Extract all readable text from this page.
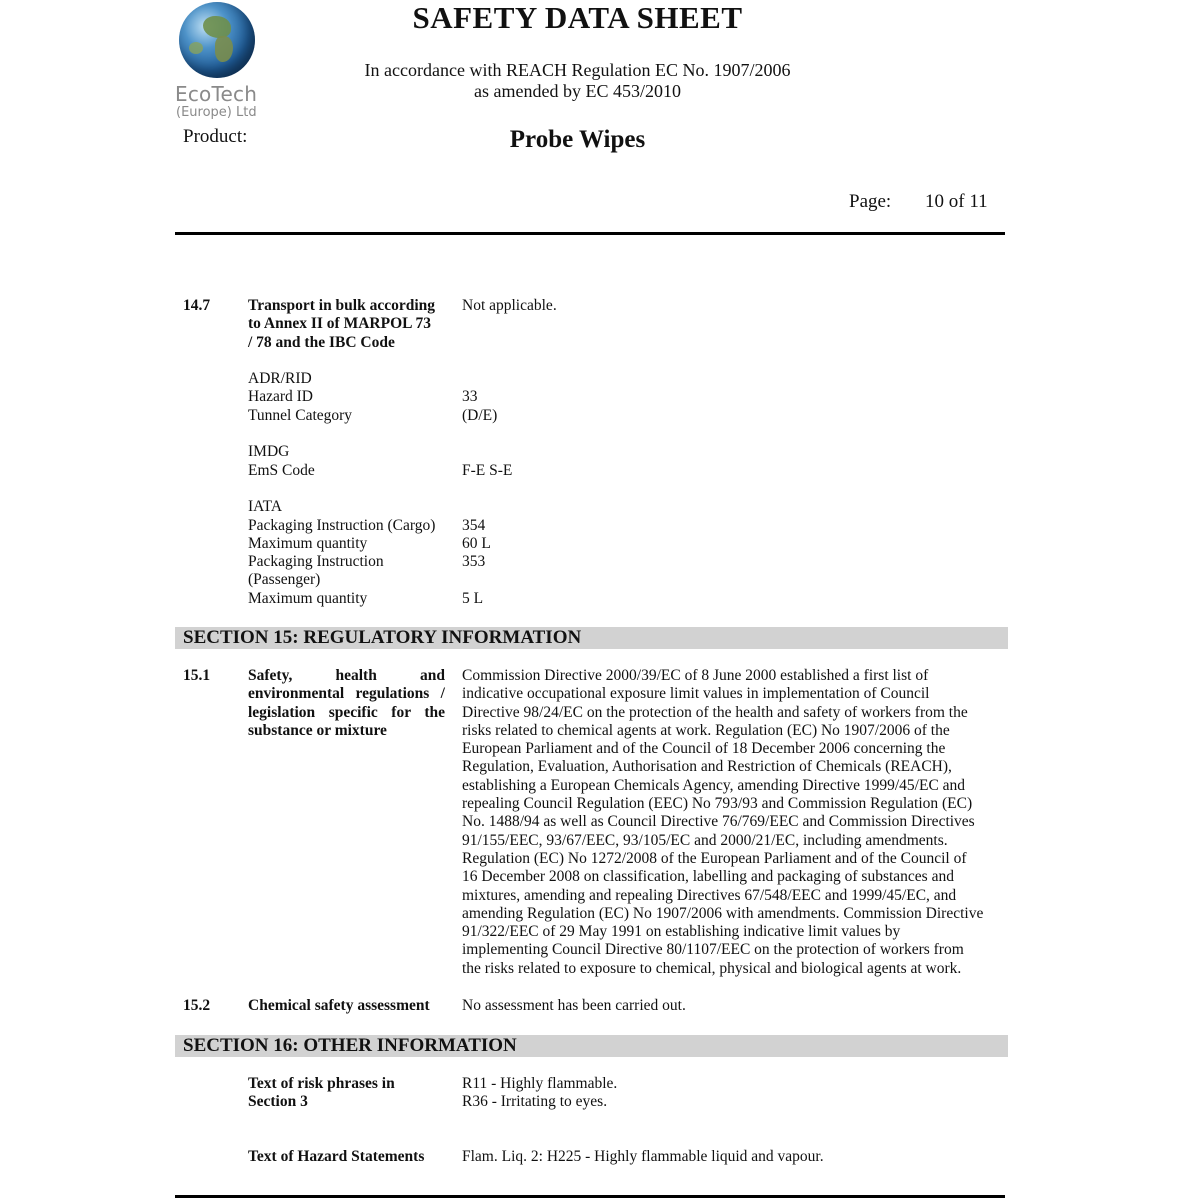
EcoTech
(Europe) Ltd
SAFETY DATA SHEET
In accordance with REACH Regulation EC No. 1907/2006
as amended by EC 453/2010
Product:	Probe Wipes
Page: 10 of 11
14.7 Transport in bulk according
to Annex II of MARPOL 73
/ 78 and the IBC Code
Not applicable.
ADR/RID
Hazard ID	33
Tunnel Category	(D/E)
IMDG
EmS Code	F-E S-E
IATA
Packaging Instruction (Cargo) 354
Maximum quantity	60 L
Packaging Instruction	353
(Passenger)
Maximum quantity	5 L
SECTION 15: REGULATORY INFORMATION
15.1 Safety, health and
environmental regulations /
legislation specific for the
substance or mixture
Commission Directive 2000/39/EC of 8 June 2000 established a first list of
indicative occupational exposure limit values in implementation of Council
Directive 98/24/EC on the protection of the health and safety of workers from the
risks related to chemical agents at work. Regulation (EC) No 1907/2006 of the
European Parliament and of the Council of 18 December 2006 concerning the
Regulation, Evaluation, Authorisation and Restriction of Chemicals (REACH),
establishing a European Chemicals Agency, amending Directive 1999/45/EC and
repealing Council Regulation (EEC) No 793/93 and Commission Regulation (EC)
No. 1488/94 as well as Council Directive 76/769/EEC and Commission Directives
91/155/EEC, 93/67/EEC, 93/105/EC and 2000/21/EC, including amendments.
Regulation (EC) No 1272/2008 of the European Parliament and of the Council of
16 December 2008 on classification, labelling and packaging of substances and
mixtures, amending and repealing Directives 67/548/EEC and 1999/45/EC, and
amending Regulation (EC) No 1907/2006 with amendments. Commission Directive
91/322/EEC of 29 May 1991 on establishing indicative limit values by
implementing Council Directive 80/1107/EEC on the protection of workers from
the risks related to exposure to chemical, physical and biological agents at work.
15.2 Chemical safety assessment No assessment has been carried out.
SECTION 16: OTHER INFORMATION
Text of risk phrases in
Section 3
R11 - Highly flammable.
R36 - Irritating to eyes.
Text of Hazard Statements Flam. Liq. 2: H225 - Highly flammable liquid and vapour.
